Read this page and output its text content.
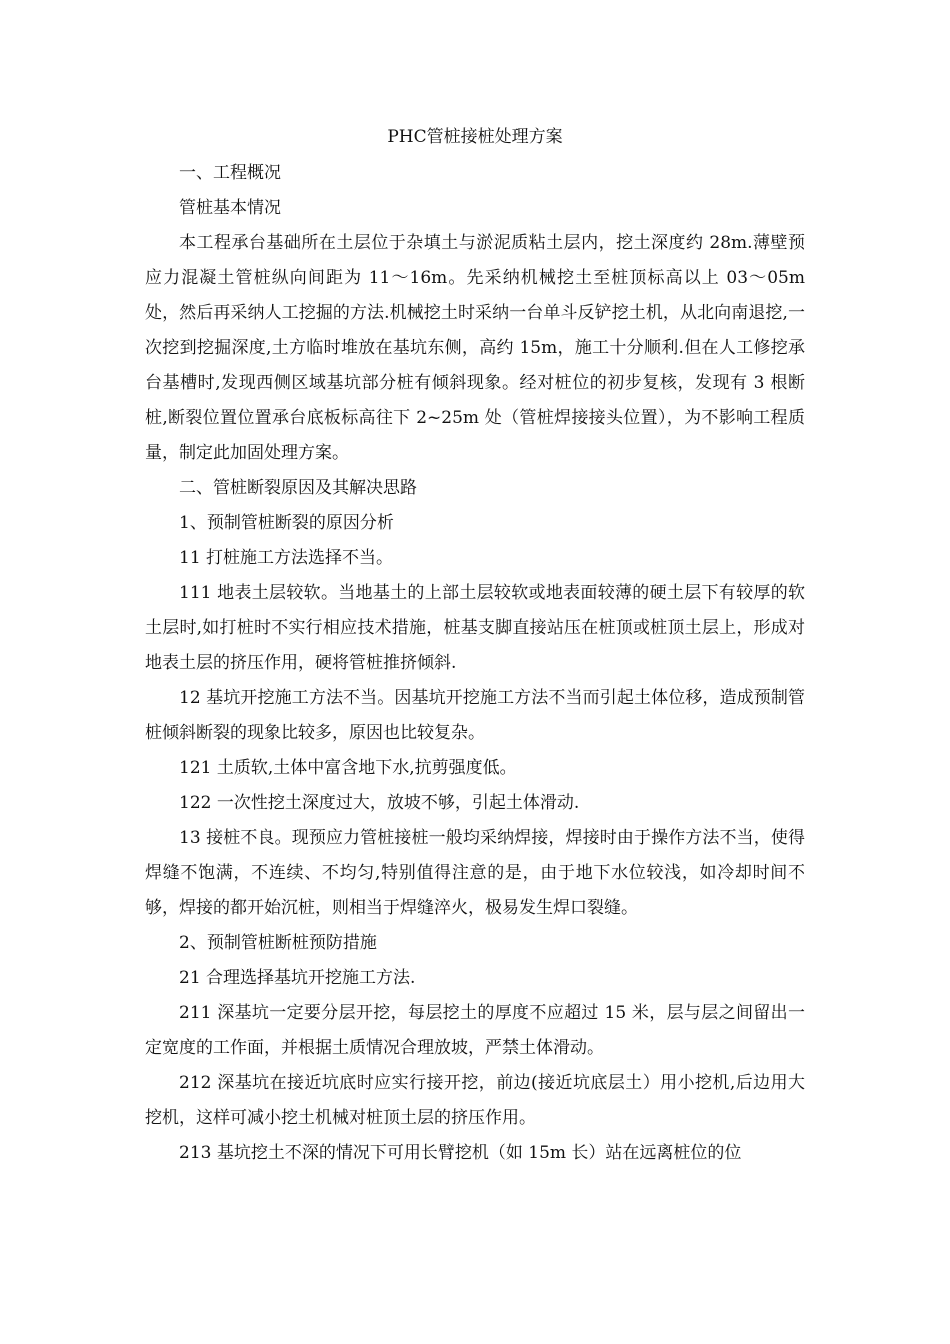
PHC管桩接桩处理方案

一、工程概况

管桩基本情况

本工程承台基础所在土层位于杂填土与淤泥质粘土层内，挖土深度约 28m.薄壁预应力混凝土管桩纵向间距为 11～16m。先采纳机械挖土至桩顶标高以上 03～05m 处，然后再采纳人工挖掘的方法.机械挖土时采纳一台单斗反铲挖土机，从北向南退挖,一次挖到挖掘深度,土方临时堆放在基坑东侧，高约 15m，施工十分顺利.但在人工修挖承台基槽时,发现西侧区域基坑部分桩有倾斜现象。经对桩位的初步复核，发现有 3 根断桩,断裂位置位置承台底板标高往下 2~25m 处（管桩焊接接头位置），为不影响工程质量，制定此加固处理方案。

二、管桩断裂原因及其解决思路

1、预制管桩断裂的原因分析

11 打桩施工方法选择不当。

111 地表土层较软。当地基土的上部土层较软或地表面较薄的硬土层下有较厚的软土层时,如打桩时不实行相应技术措施，桩基支脚直接站压在桩顶或桩顶土层上，形成对地表土层的挤压作用，硬将管桩推挤倾斜.

12 基坑开挖施工方法不当。因基坑开挖施工方法不当而引起土体位移，造成预制管桩倾斜断裂的现象比较多，原因也比较复杂。

121 土质软,土体中富含地下水,抗剪强度低。

122 一次性挖土深度过大，放坡不够，引起土体滑动.

13 接桩不良。现预应力管桩接桩一般均采纳焊接，焊接时由于操作方法不当，使得焊缝不饱满，不连续、不均匀,特别值得注意的是，由于地下水位较浅，如冷却时间不够，焊接的都开始沉桩，则相当于焊缝淬火，极易发生焊口裂缝。

2、预制管桩断桩预防措施

21 合理选择基坑开挖施工方法.

211 深基坑一定要分层开挖，每层挖土的厚度不应超过 15 米，层与层之间留出一定宽度的工作面，并根据土质情况合理放坡，严禁土体滑动。

212 深基坑在接近坑底时应实行接开挖，前边(接近坑底层土）用小挖机,后边用大挖机，这样可减小挖土机械对桩顶土层的挤压作用。

213 基坑挖土不深的情况下可用长臂挖机（如 15m 长）站在远离桩位的位
